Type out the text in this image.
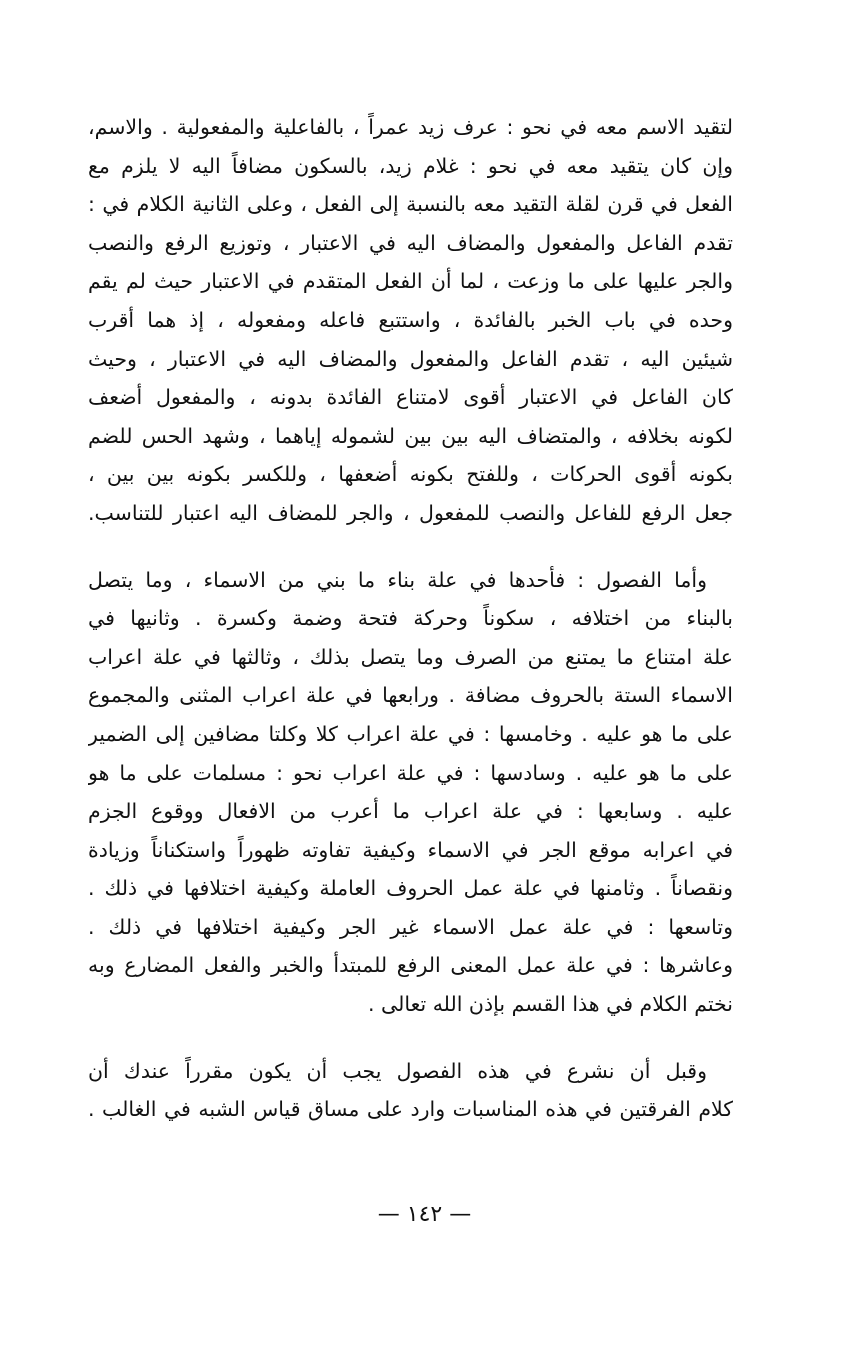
لتقيد الاسم معه في نحو : عرف زيد عمراً ، بالفاعلية والمفعولية . والاسم،
وإن كان يتقيد معه في نحو : غلام زيد، بالسكون مضافاً اليه لا يلزم مع
الفعل في قرن لقلة التقيد معه بالنسبة إلى الفعل ، وعلى الثانية الكلام في :
تقدم الفاعل والمفعول والمضاف اليه في الاعتبار ، وتوزيع الرفع والنصب
والجر عليها على ما وزعت ، لما أن الفعل المتقدم في الاعتبار حيث لم يقم
وحده في باب الخبر بالفائدة ، واستتبع فاعله ومفعوله ، إذ هما أقرب
شيئين اليه ، تقدم الفاعل والمفعول والمضاف اليه في الاعتبار ، وحيث
كان الفاعل في الاعتبار أقوى لامتناع الفائدة بدونه ، والمفعول أضعف
لكونه بخلافه ، والمتضاف اليه بين بين لشموله إياهما ، وشهد الحس للضم
بكونه أقوى الحركات ، وللفتح بكونه أضعفها ، وللكسر بكونه بين بين ،
جعل الرفع للفاعل والنصب للمفعول ، والجر للمضاف اليه اعتبار للتناسب.
وأما الفصول : فأحدها في علة بناء ما بني من الاسماء ، وما يتصل
بالبناء من اختلافه ، سكوناً وحركة فتحة وضمة وكسرة . وثانيها في
علة امتناع ما يمتنع من الصرف وما يتصل بذلك ، وثالثها في علة اعراب
الاسماء الستة بالحروف مضافة . ورابعها في علة اعراب المثنى والمجموع
على ما هو عليه . وخامسها : في علة اعراب كلا وكلتا مضافين إلى الضمير
على ما هو عليه . وسادسها : في علة اعراب نحو : مسلمات على ما هو
عليه . وسابعها : في علة اعراب ما أعرب من الافعال ووقوع الجزم
في اعرابه موقع الجر في الاسماء وكيفية تفاوته ظهوراً واستكناناً وزيادة
ونقصاناً . وثامنها في علة عمل الحروف العاملة وكيفية اختلافها في ذلك .
وتاسعها : في علة عمل الاسماء غير الجر وكيفية اختلافها في ذلك .
وعاشرها : في علة عمل المعنى الرفع للمبتدأ والخبر والفعل المضارع وبه
نختم الكلام في هذا القسم بإذن الله تعالى .
وقبل أن نشرع في هذه الفصول يجب أن يكون مقرراً عندك أن
كلام الفرقتين في هذه المناسبات وارد على مساق قياس الشبه في الغالب .
— ١٤٢ —
